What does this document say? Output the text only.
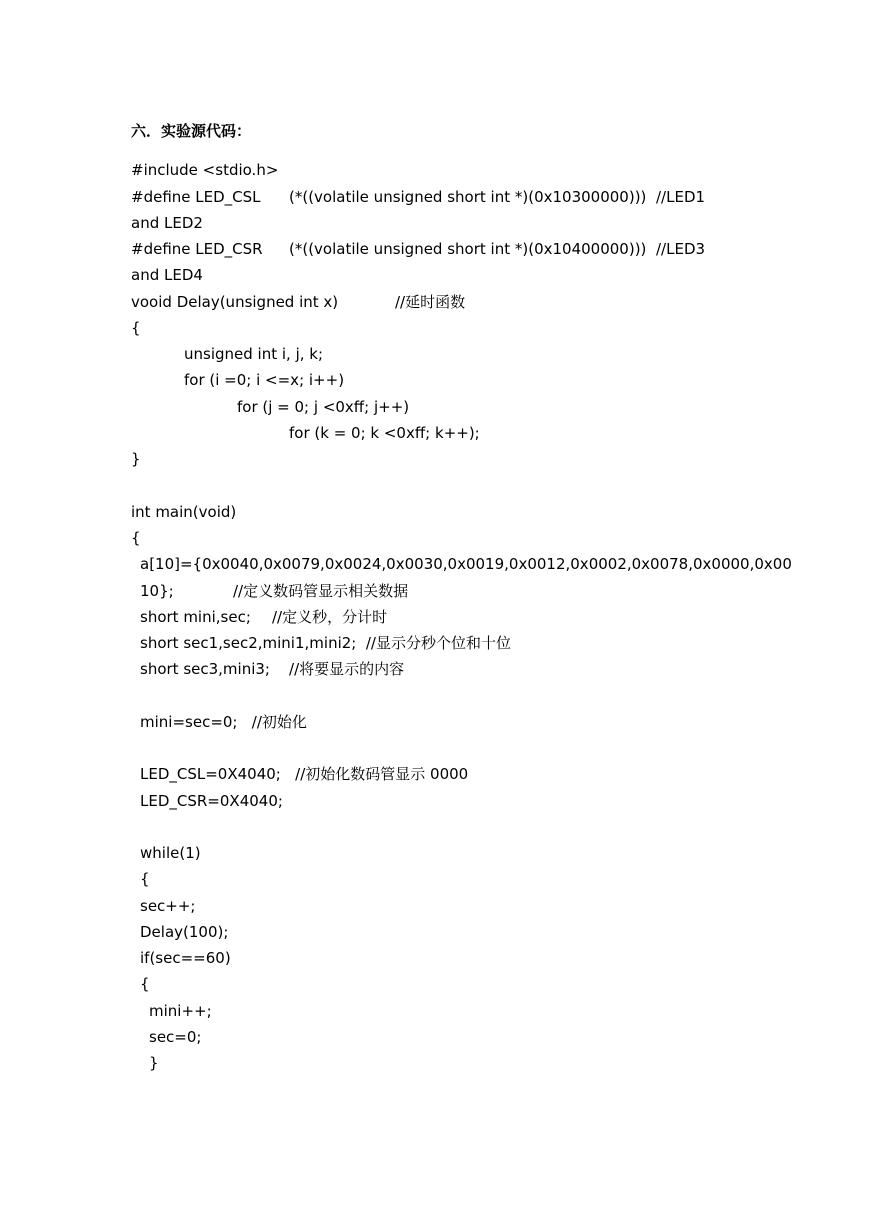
六．实验源代码：
#include <stdio.h>
#define LED_CSL (*((volatile unsigned short int *)(0x10300000))) //LED1
and LED2
#define LED_CSR (*((volatile unsigned short int *)(0x10400000))) //LED3
and LED4
vooid Delay(unsigned int x)	//延时函数
{
unsigned int i, j, k;
for (i =0; i <=x; i++)
for (j = 0; j <0xff; j++)
for (k = 0; k <0xff; k++);
}
int main(void)
{
a[10]={0x0040,0x0079,0x0024,0x0030,0x0019,0x0012,0x0002,0x0078,0x0000,0x00
10};	//定义数码管显示相关数据
short mini,sec; //定义秒，分计时
short sec1,sec2,mini1,mini2;  //显示分秒个位和十位
short sec3,mini3;    //将要显示的内容
mini=sec=0;   //初始化
LED_CSL=0X4040;   //初始化数码管显示 0000
LED_CSR=0X4040;
while(1)
{
sec++;
Delay(100);
if(sec==60)
{
mini++;
sec=0;
}
